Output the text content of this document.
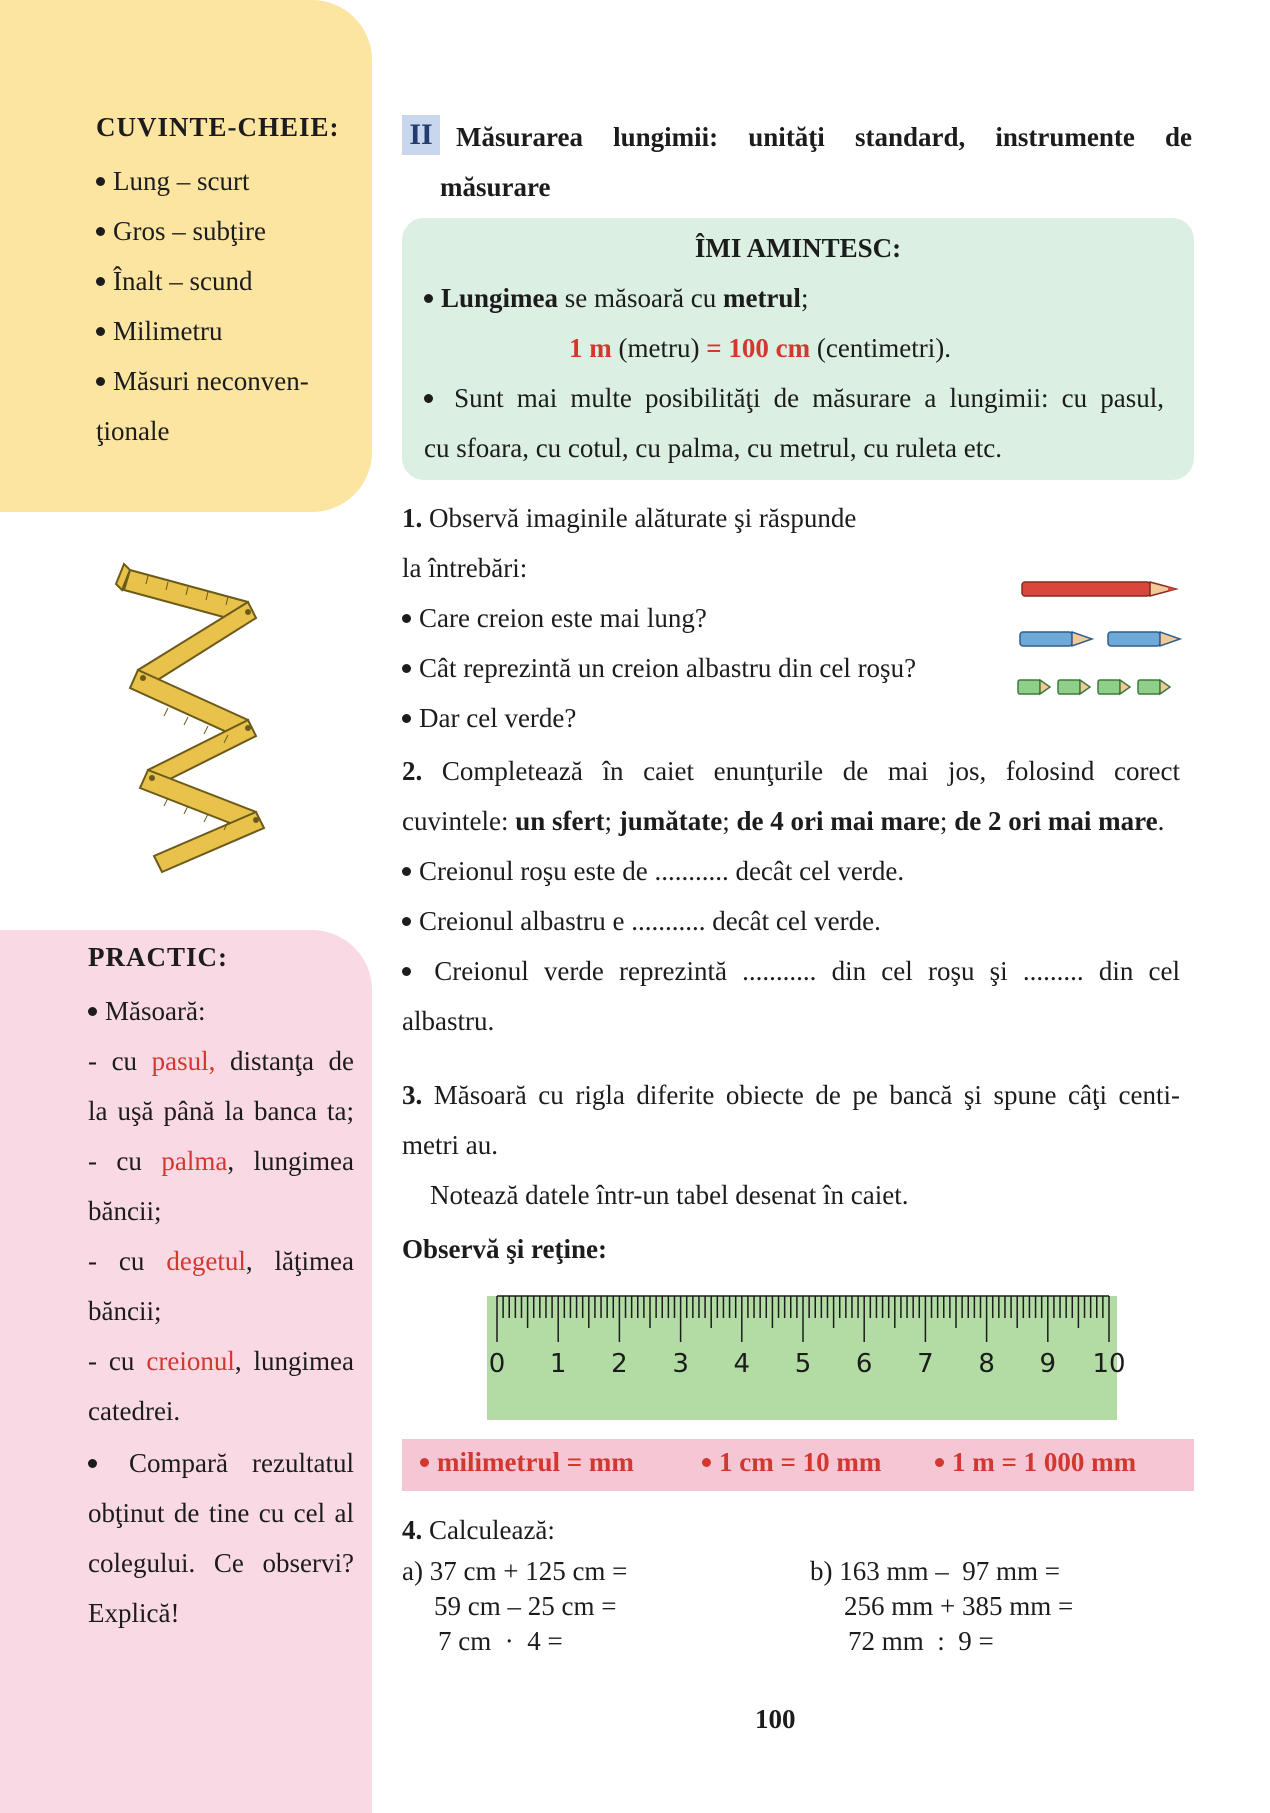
CUVINTE-CHEIE:
Lung – scurt
Gros – subţire
Înalt – scund
Milimetru
Măsuri neconven-
ţionale
PRACTIC:
Măsoară:
- cu pasul, distanţa de
la uşă până la banca ta;
- cu palma, lungimea
băncii;
- cu degetul, lăţimea
băncii;
- cu creionul, lungimea
catedrei.
Compară rezultatul
obţinut de tine cu cel al
colegului. Ce observi?
Explică!
II Măsurarea lungimii: unităţi standard, instrumente de
măsurare
ÎMI AMINTESC:
Lungimea se măsoară cu metrul;
1 m (metru) = 100 cm (centimetri).
Sunt mai multe posibilităţi de măsurare a lungimii: cu pasul,
cu sfoara, cu cotul, cu palma, cu metrul, cu ruleta etc.
1. Observă imaginile alăturate şi răspunde
la întrebări:
Care creion este mai lung?
Cât reprezintă un creion albastru din cel roşu?
Dar cel verde?
2. Completează în caiet enunţurile de mai jos, folosind corect
cuvintele: un sfert; jumătate; de 4 ori mai mare; de 2 ori mai mare.
Creionul roşu este de ........... decât cel verde.
Creionul albastru e ........... decât cel verde.
Creionul verde reprezintă ........... din cel roşu şi ......... din cel
albastru.
3. Măsoară cu rigla diferite obiecte de pe bancă şi spune câţi centi-
metri au.
Notează datele într-un tabel desenat în caiet.
Observă şi reţine:
0 1 2 3 4 5 6 7 8 9 10
milimetrul = mm	1 cm = 10 mm	1 m = 1 000 mm
4. Calculează:
a) 37 cm + 125 cm =
59 cm – 25 cm =
7 cm  ·  4 =
b) 163 mm –  97 mm =
256 mm + 385 mm =
72 mm  :  9 =
100
